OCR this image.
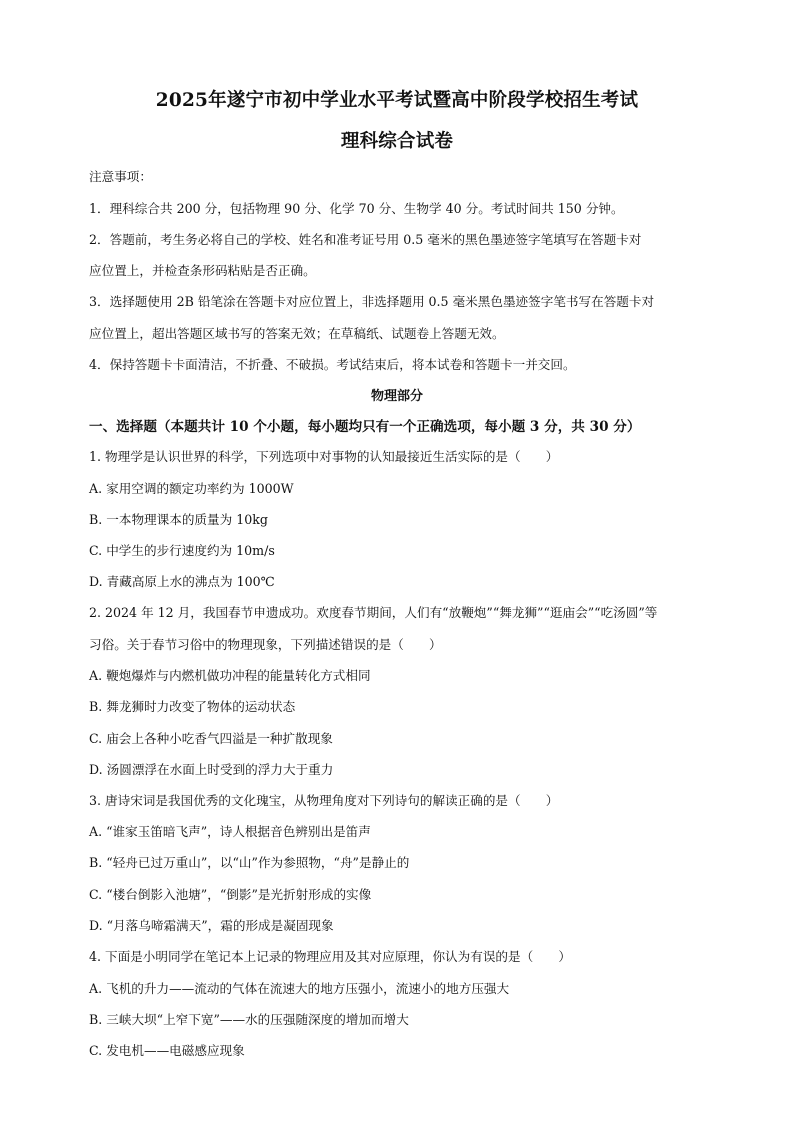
2025年遂宁市初中学业水平考试暨高中阶段学校招生考试
理科综合试卷
注意事项：
1．理科综合共 200 分，包括物理 90 分、化学 70 分、生物学 40 分。考试时间共 150 分钟。
2．答题前，考生务必将自己的学校、姓名和准考证号用 0.5 毫米的黑色墨迹签字笔填写在答题卡对
应位置上，并检查条形码粘贴是否正确。
3．选择题使用 2B 铅笔涂在答题卡对应位置上，非选择题用 0.5 毫米黑色墨迹签字笔书写在答题卡对
应位置上，超出答题区域书写的答案无效；在草稿纸、试题卷上答题无效。
4．保持答题卡卡面清洁，不折叠、不破损。考试结束后，将本试卷和答题卡一并交回。
物理部分
一、选择题（本题共计 10 个小题，每小题均只有一个正确选项，每小题 3 分，共 30 分）
1. 物理学是认识世界的科学，下列选项中对事物的认知最接近生活实际的是（　　）
A. 家用空调的额定功率约为 1000W
B. 一本物理课本的质量为 10kg
C. 中学生的步行速度约为 10m/s
D. 青藏高原上水的沸点为 100℃
2. 2024 年 12 月，我国春节申遗成功。欢度春节期间，人们有“放鞭炮”“舞龙狮”“逛庙会”“吃汤圆”等
习俗。关于春节习俗中的物理现象，下列描述错误的是（　　）
A. 鞭炮爆炸与内燃机做功冲程的能量转化方式相同
B. 舞龙狮时力改变了物体的运动状态
C. 庙会上各种小吃香气四溢是一种扩散现象
D. 汤圆漂浮在水面上时受到的浮力大于重力
3. 唐诗宋词是我国优秀的文化瑰宝，从物理角度对下列诗句的解读正确的是（　　）
A. “谁家玉笛暗飞声”，诗人根据音色辨别出是笛声
B. “轻舟已过万重山”，以“山”作为参照物，“舟”是静止的
C. “楼台倒影入池塘”，“倒影”是光折射形成的实像
D. “月落乌啼霜满天”，霜的形成是凝固现象
4. 下面是小明同学在笔记本上记录的物理应用及其对应原理，你认为有误的是（　　）
A. 飞机的升力——流动的气体在流速大的地方压强小，流速小的地方压强大
B. 三峡大坝“上窄下宽”——水的压强随深度的增加而增大
C. 发电机——电磁感应现象
